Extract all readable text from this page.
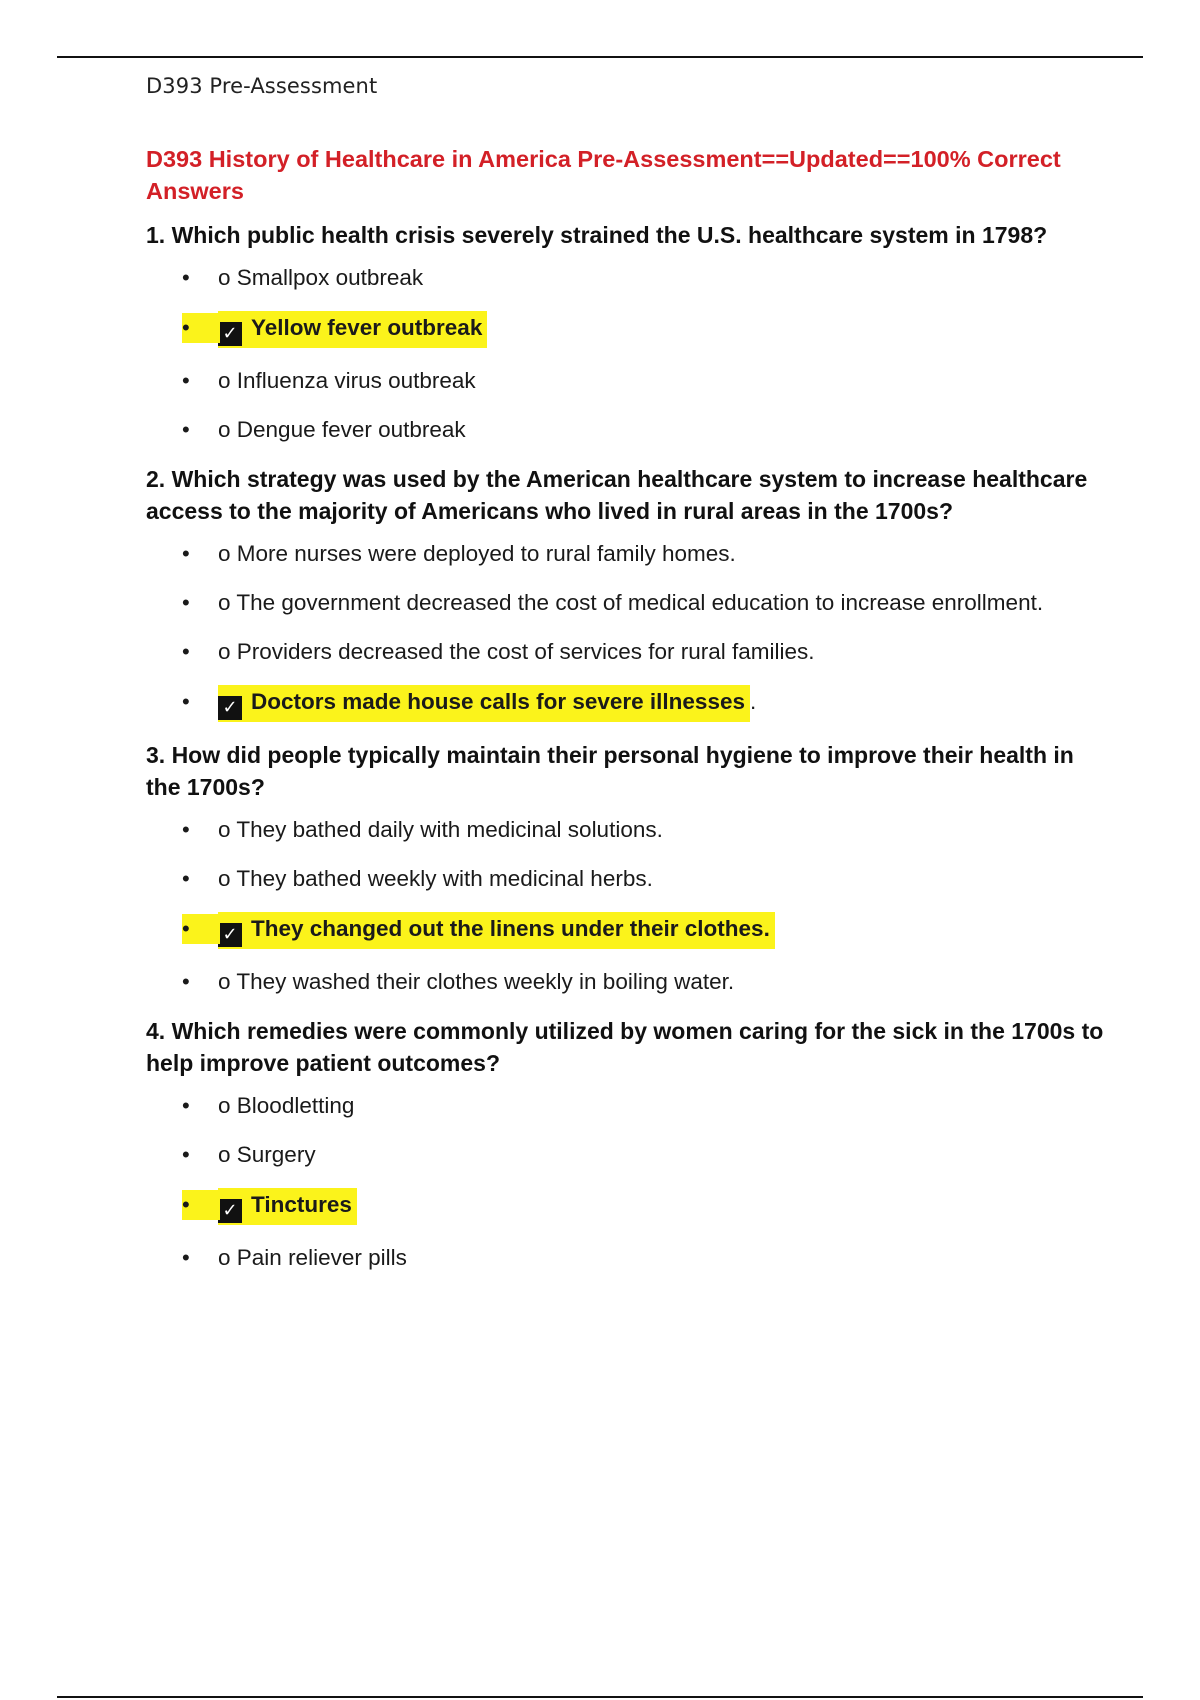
D393 Pre-Assessment
D393 History of Healthcare in America Pre-Assessment==Updated==100% Correct Answers
1. Which public health crisis severely strained the U.S. healthcare system in 1798?
• o Smallpox outbreak
•	✓ Yellow fever outbreak
• o Influenza virus outbreak
• o Dengue fever outbreak
2. Which strategy was used by the American healthcare system to increase healthcare access to the majority of Americans who lived in rural areas in the 1700s?
• o More nurses were deployed to rural family homes.
• o The government decreased the cost of medical education to increase enrollment.
• o Providers decreased the cost of services for rural families.
•	✓ Doctors made house calls for severe illnesses .
3. How did people typically maintain their personal hygiene to improve their health in the 1700s?
• o They bathed daily with medicinal solutions.
• o They bathed weekly with medicinal herbs.
•	✓ They changed out the linens under their clothes.
• o They washed their clothes weekly in boiling water.
4. Which remedies were commonly utilized by women caring for the sick in the 1700s to help improve patient outcomes?
• o Bloodletting
• o Surgery
•	✓ Tinctures
• o Pain reliever pills
